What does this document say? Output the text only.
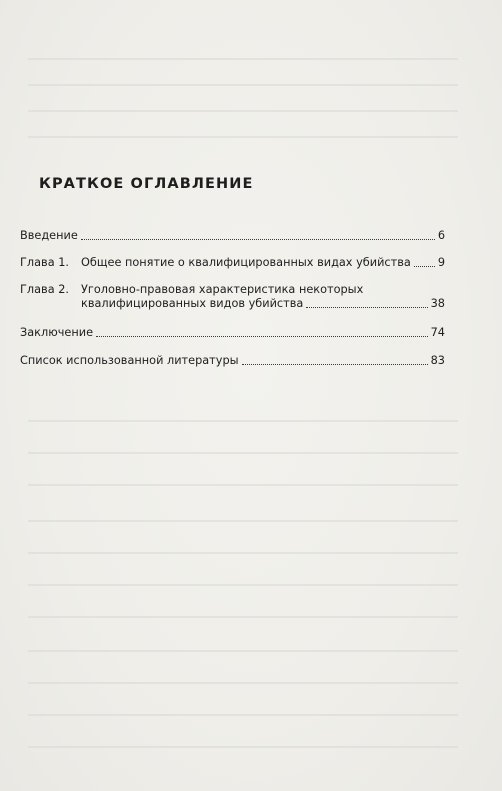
КРАТКОЕ ОГЛАВЛЕНИЕ
Введение	6
Глава 1.	Общее понятие о квалифицированных видах убийства 9
Глава 2.	Уголовно-правовая характеристика некоторых
квалифицированных видов убийства	38
Заключение	74
Список использованной литературы	83
